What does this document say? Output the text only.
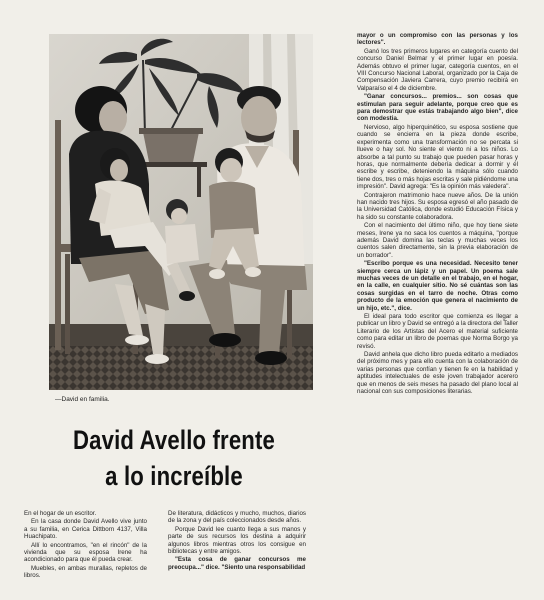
—David en familia.
David Avello frente
a lo increíble

En el hogar de un escritor.

En la casa donde David Avello vive junto a su familia, en Cerica Dittborn 4137, Villa Huachipato.

Allí lo encontramos, "en el rincón" de la vivienda que su esposa Irene ha acondicionado para que él pueda crear.

Muebles, en ambas murallas, repletos de libros.

De literatura, didácticos y mucho, muchos, diarios de la zona y del país coleccionados desde años.

Porque David lee cuanto llega a sus manos y parte de sus recursos los destina a adquirir algunos libros mientras otros los consigue en bibliotecas y entre amigos.

"Esta cosa de ganar concursos me preocupa..." dice. "Siento una responsabilidad

mayor o un compromiso con las personas y los lectores".

Ganó los tres primeros lugares en categoría cuento del concurso Daniel Belmar y el primer lugar en poesía. Además obtuvo el primer lugar, categoría cuentos, en el VIII Concurso Nacional Laboral, organizado por la Caja de Compensación Javiera Carrera, cuyo premio recibirá en Valparaíso el 4 de diciembre.

"Ganar concursos... premios... son cosas que estimulan para seguir adelante, porque creo que es para demostrar que estás trabajando algo bien", dice con modestia.

Nervioso, algo hiperquinético, su esposa sostiene que cuando se encierra en la pieza donde escribe, experimenta como una transformación no se percata si llueve o hay sol. No siente el viento ni a los niños. Lo absorbe a tal punto su trabajo que pueden pasar horas y horas, que normalmente debería dedicar a dormir y él escribe y escribe, deteniendo la máquina sólo cuando tiene dos, tres o más hojas escritas y sale pidiéndome una impresión". David agrega: "Es la opinión más valedera".

Contrajeron matrimonio hace nueve años. De la unión han nacido tres hijos. Su esposa egresó el año pasado de la Universidad Católica, donde estudió Educación Física y ha sido su constante colaboradora.

Con el nacimiento del último niño, que hoy tiene siete meses, Irene ya no saca los cuentos a máquina, "porque además David domina las teclas y muchas veces los cuentos salen directamente, sin la previa elaboración de un borrador".

"Escribo porque es una necesidad. Necesito tener siempre cerca un lápiz y un papel. Un poema sale muchas veces de un detalle en el trabajo, en el hogar, en la calle, en cualquier sitio. No sé cuántas son las cosas surgidas en el tarro de noche. Otras como producto de la emoción que genera el nacimiento de un hijo, etc.", dice.

El ideal para todo escritor que comienza es llegar a publicar un libro y David se entregó a la directora del Taller Literario de los Artistas del Acero el material suficiente como para editar un libro de poemas que Norma Borgo ya revisó.

David anhela que dicho libro pueda editarlo a mediados del próximo mes y para ello cuenta con la colaboración de varias personas que confían y tienen fe en la habilidad y aptitudes intelectuales de este joven trabajador acerero que en menos de seis meses ha pasado del plano local al nacional con sus composiciones literarias.
